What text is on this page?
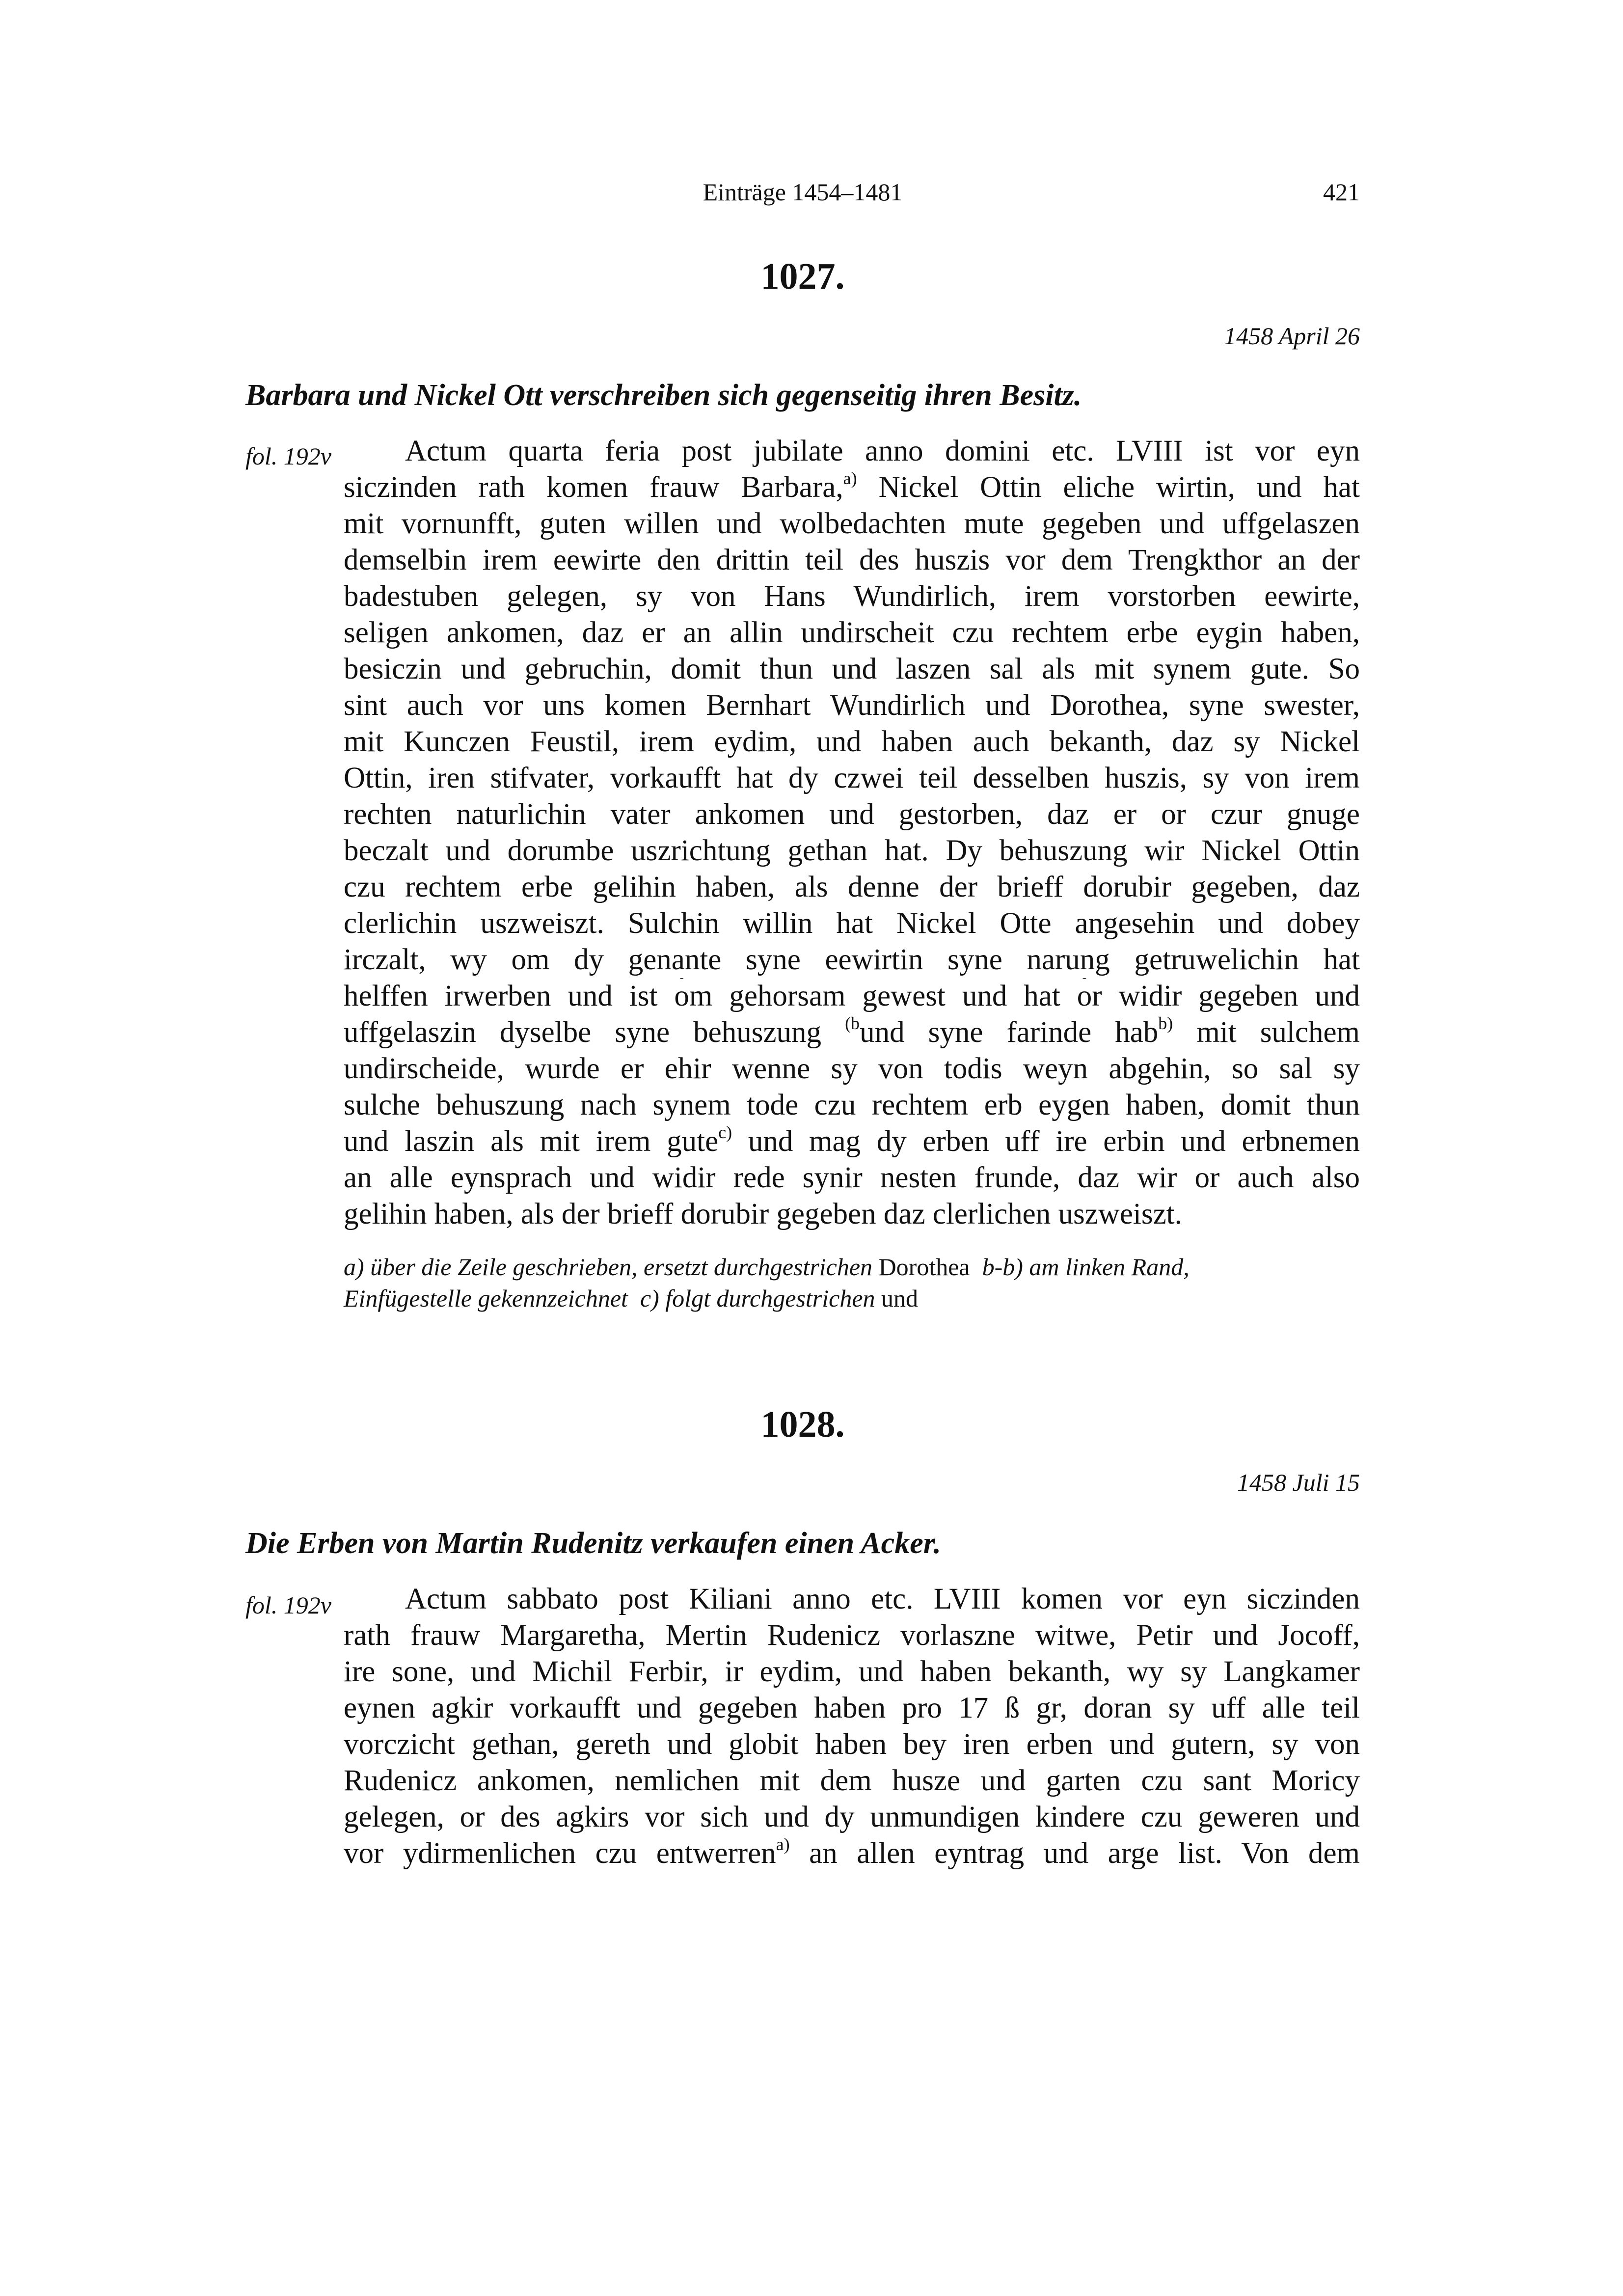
Einträge 1454–1481	421
1027.
1458 April 26
Barbara und Nickel Ott verschreiben sich gegenseitig ihren Besitz.
fol. 192v	Actum quarta feria post jubilate anno domini etc. LVIII ist vor eyn
siczinden rath komen frauw Barbara,$^{a)}$ Nickel Ottin eliche wirtin, und hat
mit vornunfft, guten willen und wolbedachten mute gegeben und uffgelaszen
demselbin irem eewirte den drittin teil des huszis vor dem Trengkthor an der
badestuben gelegen, sy von Hans Wundirlich, irem vorstorben eewirte,
seligen ankomen, daz er an allin undirscheit czu rechtem erbe eygin haben,
besiczin und gebruchin, domit thun und laszen sal als mit synem gute. So
sint auch vor uns komen Bernhart Wundirlich und Dorothea, syne swester,
mit Kunczen Feustil, irem eydim, und haben auch bekanth, daz sy Nickel
Ottin, iren stifvater, vorkaufft hat dy czwei teil desselben huszis, sy von irem
rechten naturlichin vater ankomen und gestorben, daz er or czur gnuge
beczalt und dorumbe uszrichtung gethan hat. Dy behuszung wir Nickel Ottin
czu rechtem erbe gelihin haben, als denne der brieff dorubir gegeben, daz
clerlichin uszweiszt. Sulchin willin hat Nickel Otte angesehin und dobey
irczalt, wy om dy genante syne eewirtin syne narung getruwelichin hat
helffen irwerben und ist ° om gehorsam gewest und hat ° or widir gegeben und
uffgelaszin dyselbe syne behuszung $^{(b}$und syne farinde hab$^{b)}$ mit sulchem
undirscheide, wurde er ehir wenne sy von todis weyn abgehin, so sal sy
sulche behuszung nach synem tode czu rechtem erb eygen haben, domit thun
und laszin als mit irem gute$^{c)}$ und mag dy erben uff ire erbin und erbnemen
an alle eynsprach und widir rede synir nesten frunde, daz wir or auch also
gelihin haben, als der brieff dorubir gegeben daz clerlichen uszweiszt.
a) über die Zeile geschrieben, ersetzt durchgestrichen Dorothea b-b) am linken Rand,
Einfügestelle gekennzeichnet c) folgt durchgestrichen und
1028.
1458 Juli 15
Die Erben von Martin Rudenitz verkaufen einen Acker.
fol. 192v	Actum sabbato post Kiliani anno etc. LVIII komen vor eyn siczinden
rath frauw Margaretha, Mertin Rudenicz vorlaszne witwe, Petir und Jocoff,
ire sone, und Michil Ferbir, ir eydim, und haben bekanth, wy sy Langkamer
eynen agkir vorkaufft und gegeben haben pro 17 ß gr, doran sy uff alle teil
vorczicht gethan, gereth und globit haben bey iren erben und gutern, sy von
Rudenicz ankomen, nemlichen mit dem husze und garten czu sant Moricy
gelegen, or des agkirs vor sich und dy unmundigen kindere czu geweren und
vor ydirmenlichen czu entwerren$^{a)}$ an allen eyntrag und arge list. Von dem
